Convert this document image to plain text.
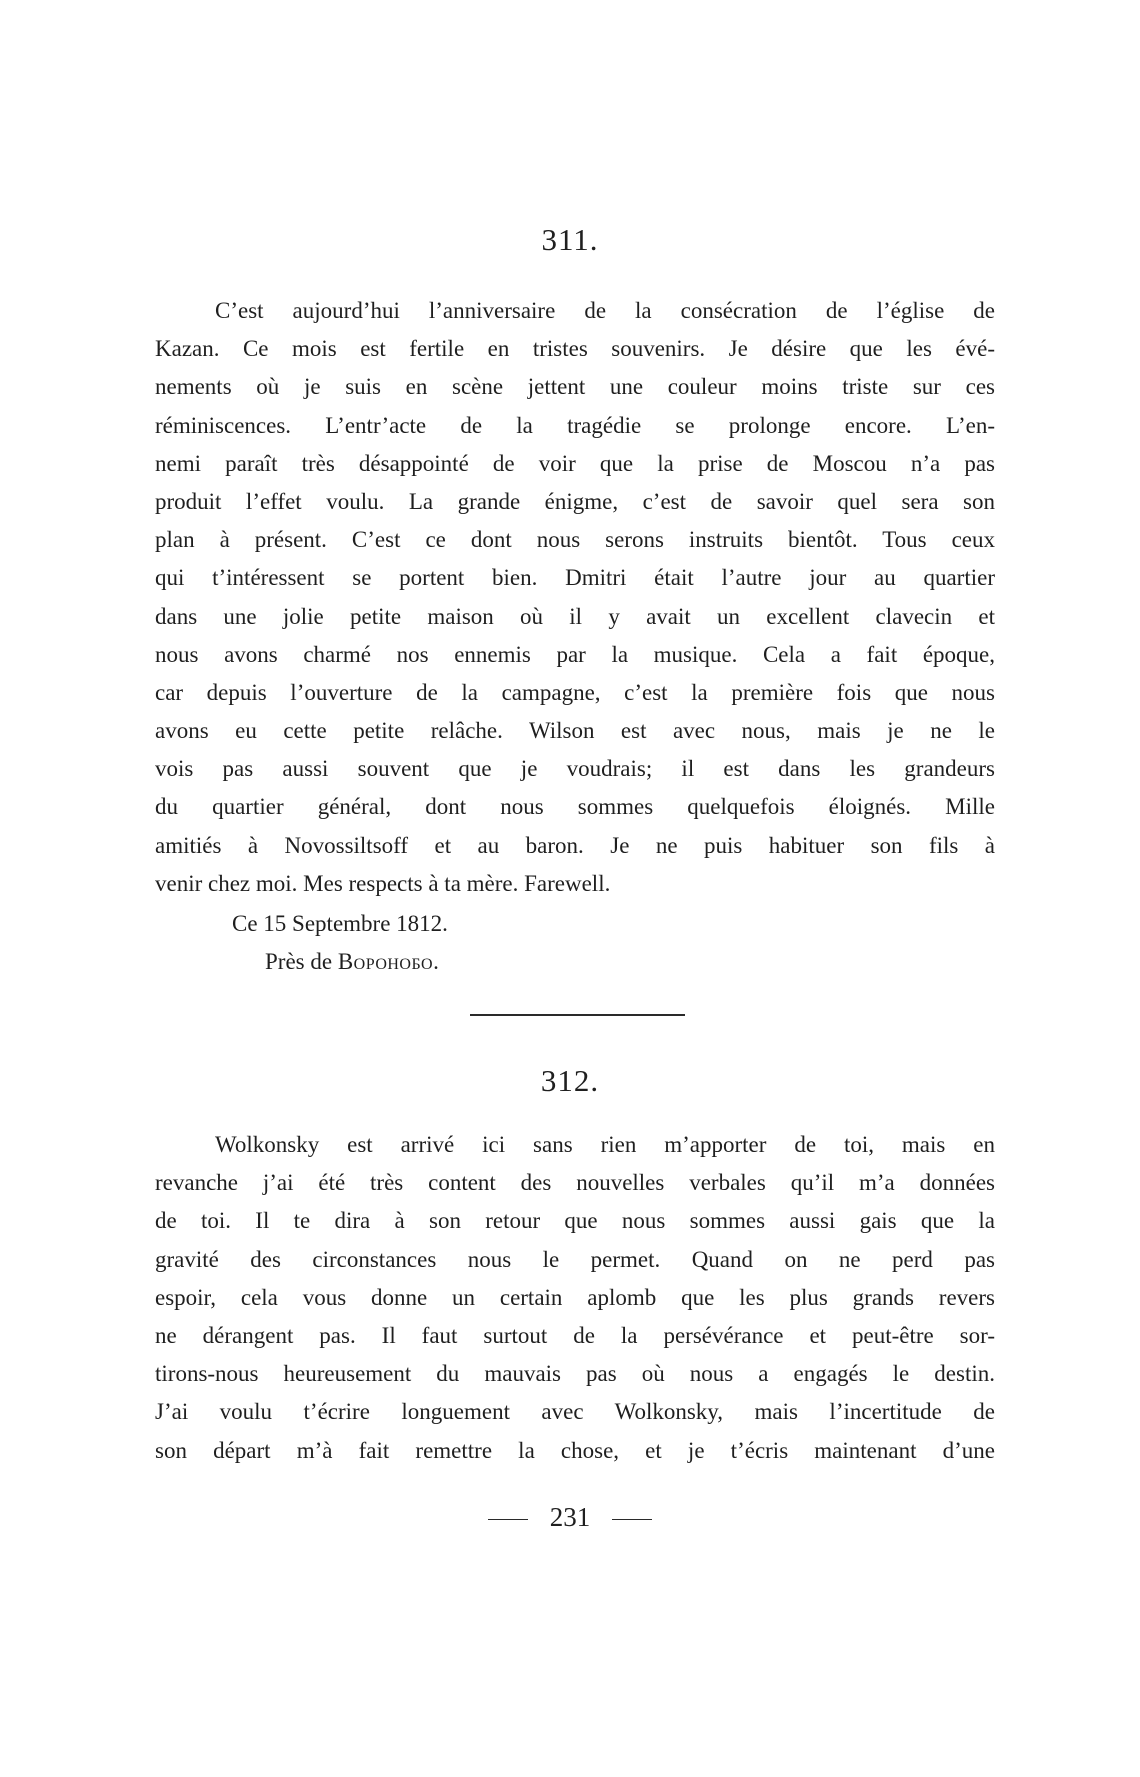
311.
C’est aujourd’hui l’anniversaire de la consécration de l’église de
Kazan. Ce mois est fertile en tristes souvenirs. Je désire que les évé-
nements où je suis en scène jettent une couleur moins triste sur ces
réminiscences. L’entr’acte de la tragédie se prolonge encore. L’en-
nemi paraît très désappointé de voir que la prise de Moscou n’a pas
produit l’effet voulu. La grande énigme, c’est de savoir quel sera son
plan à présent. C’est ce dont nous serons instruits bientôt. Tous ceux
qui t’intéressent se portent bien. Dmitri était l’autre jour au quartier
dans une jolie petite maison où il y avait un excellent clavecin et
nous avons charmé nos ennemis par la musique. Cela a fait époque,
car depuis l’ouverture de la campagne, c’est la première fois que nous
avons eu cette petite relâche. Wilson est avec nous, mais je ne le
vois pas aussi souvent que je voudrais; il est dans les grandeurs
du quartier général, dont nous sommes quelquefois éloignés. Mille
amitiés à Novossiltsoff et au baron. Je ne puis habituer son fils à
venir chez moi. Mes respects à ta mère. Farewell.
Ce 15 Septembre 1812.
Près de Воронобо.
312.
Wolkonsky est arrivé ici sans rien m’apporter de toi, mais en
revanche j’ai été très content des nouvelles verbales qu’il m’a données
de toi. Il te dira à son retour que nous sommes aussi gais que la
gravité des circonstances nous le permet. Quand on ne perd pas
espoir, cela vous donne un certain aplomb que les plus grands revers
ne dérangent pas. Il faut surtout de la persévérance et peut-être sor-
tirons-nous heureusement du mauvais pas où nous a engagés le destin.
J’ai voulu t’écrire longuement avec Wolkonsky, mais l’incertitude de
son départ m’à fait remettre la chose, et je t’écris maintenant d’une
231
